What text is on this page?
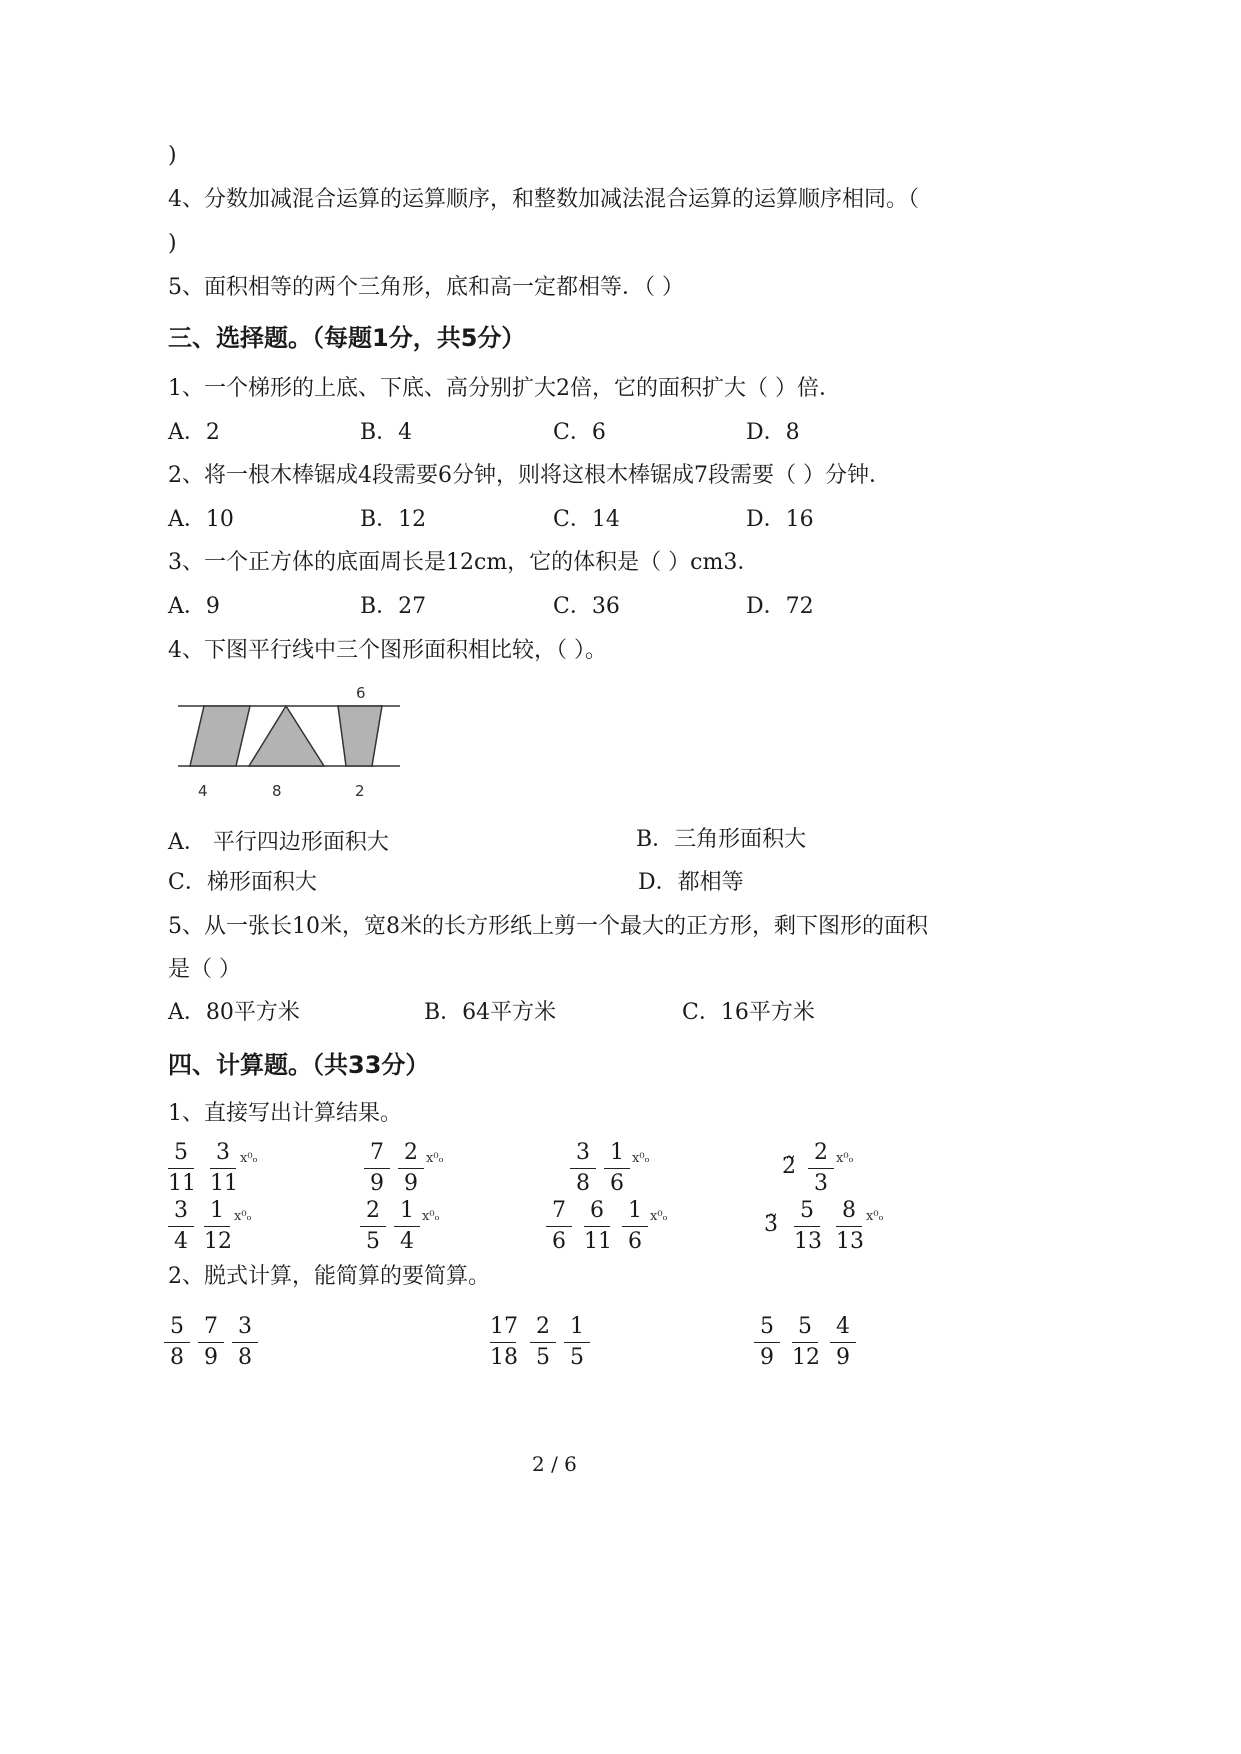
)
4、分数加减混合运算的运算顺序，和整数加减法混合运算的运算顺序相同。（
)
5、面积相等的两个三角形，底和高一定都相等．（ ）
三、选择题。（每题1分，共5分）
1、一个梯形的上底、下底、高分别扩大2倍，它的面积扩大（ ）倍．
A．2	B．4	C．6	D．8
2、将一根木棒锯成4段需要6分钟，则将这根木棒锯成7段需要（ ）分钟．
A．10	B．12	C．14	D．16
3、一个正方体的底面周长是12cm，它的体积是（ ）cm3．
A．9	B．27	C．36	D．72
4、下图平行线中三个图形面积相比较，（ ）。
6
4	8	2
A． 平行四边形面积大	B．三角形面积大
C．梯形面积大	D．都相等
5、从一张长10米，宽8米的长方形纸上剪一个最大的正方形，剩下图形的面积
是（ ）
A．80平方米	B．64平方米	C．16平方米
四、计算题。（共33分）
1、直接写出计算结果。
$\frac{5}{11} \frac{3}{11}$ ⅹ⁰ₒ	$\frac{7}{9} \frac{2}{9}$ ⅹ⁰ₒ	$\frac{3}{8} \frac{1}{6}$ ⅹ⁰ₒ	2̃ $\frac{2}{3}$ ⅹ⁰ₒ
$\frac{3}{4} \frac{1}{12}$ ⅹ⁰ₒ	$\frac{2}{5} \frac{1}{4}$ ⅹ⁰ₒ	$\frac{7}{6} \frac{6}{11} \frac{1}{6}$ ⅹ⁰ₒ	3̃ $\frac{5}{13} \frac{8}{13}$ ⅹ⁰ₒ
2、脱式计算，能简算的要简算。
$\frac{5}{8} \frac{7}{9} \frac{3}{8}$	$\frac{17}{18} \frac{2}{5} \frac{1}{5}$	$\frac{5}{9} \frac{5}{12} \frac{4}{9}$
2 / 6
